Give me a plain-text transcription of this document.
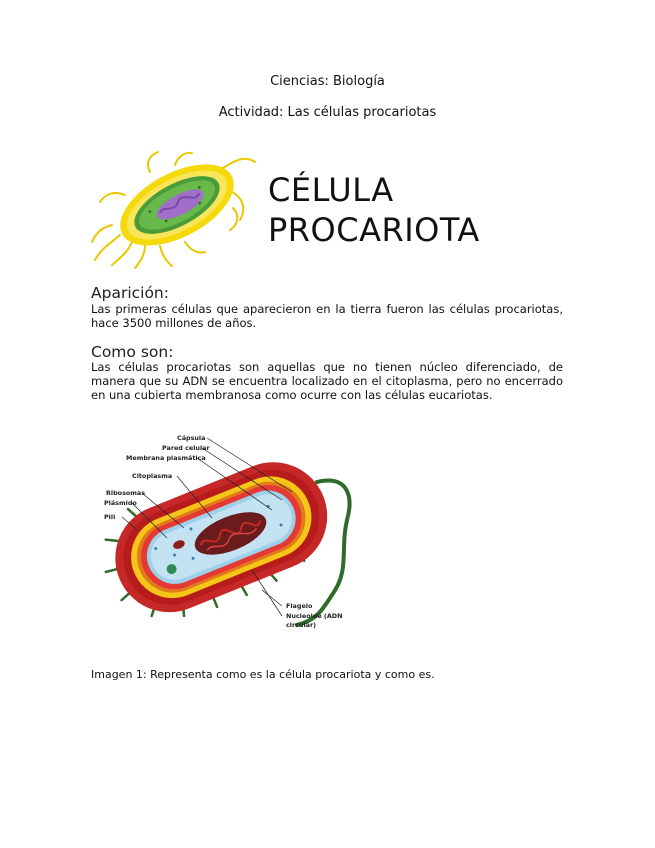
Ciencias: Biología
Actividad: Las células procariotas
CÉLULA PROCARIOTA
Aparición:
Las primeras células que aparecieron en la tierra fueron las células procariotas, hace 3500 millones de años.
Como son:
Las células procariotas son aquellas que no tienen núcleo diferenciado, de manera que su ADN se encuentra localizado en el citoplasma, pero no encerrado en una cubierta membranosa como ocurre con las células eucariotas.
Cápsula
Pared celular
Membrana plasmática
Citoplasma
Ribosomas
Plásmido
Pili
Flagelo
Nucleoide (ADN
circular)
Imagen 1: Representa como es la célula procariota y como es.
